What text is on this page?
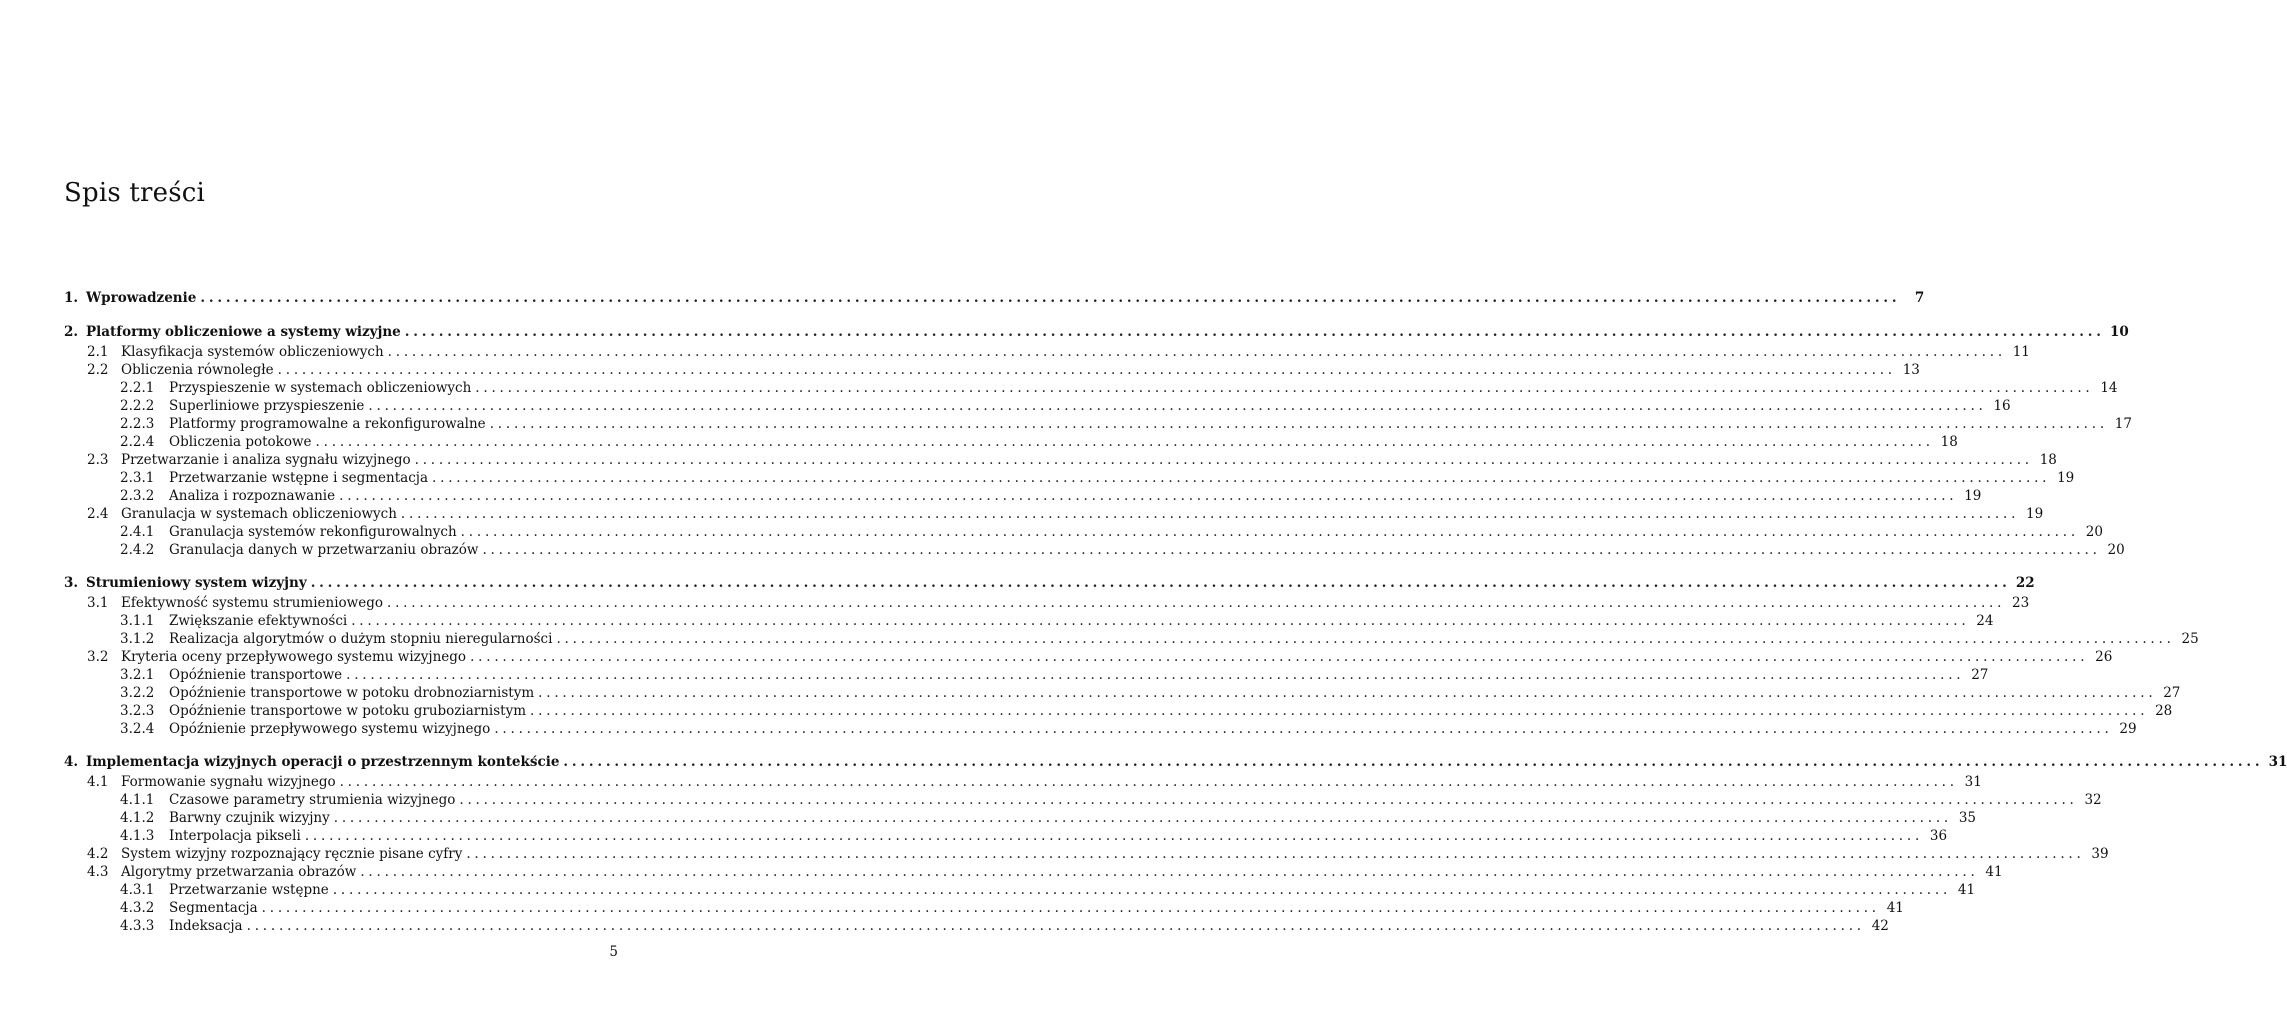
Spis treści
1. Wprowadzenie ........................................................................................................................................................................................................	7
2. Platformy obliczeniowe a systemy wizyjne ........................................................................................................................................................................................................ 10
2.1 Klasyfikacja systemów obliczeniowych ........................................................................................................................................................................................................ 11
2.2 Obliczenia równoległe ........................................................................................................................................................................................................ 13
2.2.1	Przyspieszenie w systemach obliczeniowych ........................................................................................................................................................................................................ 14
2.2.2	Superliniowe przyspieszenie ........................................................................................................................................................................................................ 16
2.2.3	Platformy programowalne a rekonfigurowalne ........................................................................................................................................................................................................ 17
2.2.4	Obliczenia potokowe ........................................................................................................................................................................................................ 18
2.3 Przetwarzanie i analiza sygnału wizyjnego ........................................................................................................................................................................................................ 18
2.3.1	Przetwarzanie wstępne i segmentacja ........................................................................................................................................................................................................ 19
2.3.2	Analiza i rozpoznawanie ........................................................................................................................................................................................................ 19
2.4 Granulacja w systemach obliczeniowych ........................................................................................................................................................................................................ 19
2.4.1	Granulacja systemów rekonfigurowalnych ........................................................................................................................................................................................................ 20
2.4.2	Granulacja danych w przetwarzaniu obrazów ........................................................................................................................................................................................................ 20
3. Strumieniowy system wizyjny ........................................................................................................................................................................................................ 22
3.1 Efektywność systemu strumieniowego ........................................................................................................................................................................................................ 23
3.1.1	Zwiększanie efektywności ........................................................................................................................................................................................................ 24
3.1.2	Realizacja algorytmów o dużym stopniu nieregularności ........................................................................................................................................................................................................ 25
3.2 Kryteria oceny przepływowego systemu wizyjnego ........................................................................................................................................................................................................ 26
3.2.1	Opóźnienie transportowe ........................................................................................................................................................................................................ 27
3.2.2	Opóźnienie transportowe w potoku drobnoziarnistym ........................................................................................................................................................................................................ 27
3.2.3	Opóźnienie transportowe w potoku gruboziarnistym ........................................................................................................................................................................................................ 28
3.2.4	Opóźnienie przepływowego systemu wizyjnego ........................................................................................................................................................................................................ 29
4. Implementacja wizyjnych operacji o przestrzennym kontekście ........................................................................................................................................................................................................ 31
4.1 Formowanie sygnału wizyjnego ........................................................................................................................................................................................................ 31
4.1.1	Czasowe parametry strumienia wizyjnego ........................................................................................................................................................................................................ 32
4.1.2	Barwny czujnik wizyjny ........................................................................................................................................................................................................ 35
4.1.3	Interpolacja pikseli ........................................................................................................................................................................................................ 36
4.2 System wizyjny rozpoznający ręcznie pisane cyfry ........................................................................................................................................................................................................ 39
4.3 Algorytmy przetwarzania obrazów ........................................................................................................................................................................................................ 41
4.3.1	Przetwarzanie wstępne ........................................................................................................................................................................................................ 41
4.3.2	Segmentacja ........................................................................................................................................................................................................ 41
4.3.3	Indeksacja ........................................................................................................................................................................................................ 42
5
